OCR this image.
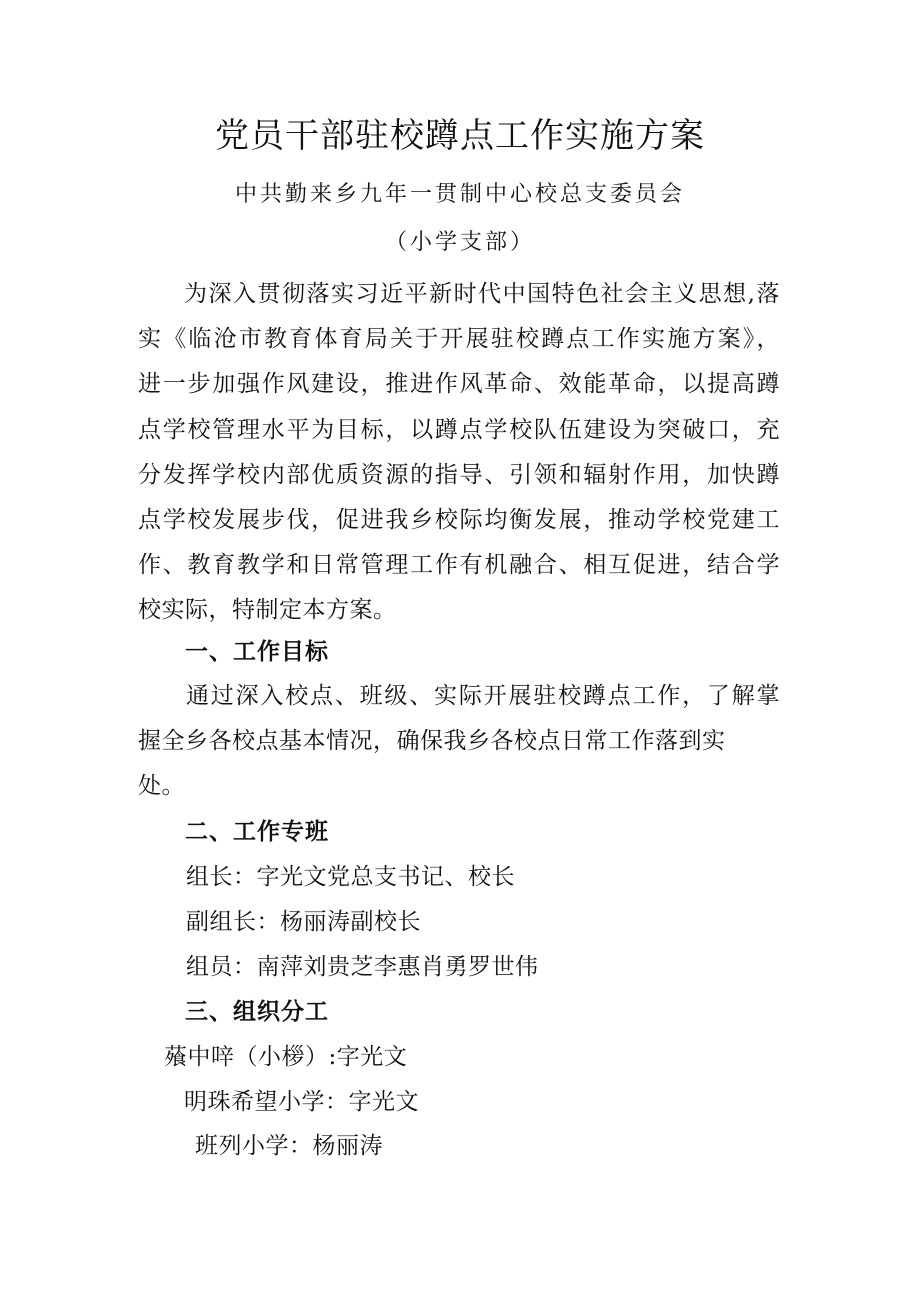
党员干部驻校蹲点工作实施方案
中共勤来乡九年一贯制中心校总支委员会
（小学支部）
为深入贯彻落实习近平新时代中国特色社会主义思想,落
实《临沧市教育体育局关于开展驻校蹲点工作实施方案》，
进一步加强作风建设，推进作风革命、效能革命，以提高蹲
点学校管理水平为目标，以蹲点学校队伍建设为突破口，充
分发挥学校内部优质资源的指导、引领和辐射作用，加快蹲
点学校发展步伐，促进我乡校际均衡发展，推动学校党建工
作、教育教学和日常管理工作有机融合、相互促进，结合学
校实际，特制定本方案。
一、工作目标
通过深入校点、班级、实际开展驻校蹲点工作，了解掌
握全乡各校点基本情况，确保我乡各校点日常工作落到实
处。
二、工作专班
组长：字光文党总支书记、校长
副组长：杨丽涛副校长
组员：南萍刘贵芝李惠肖勇罗世伟
三、组织分工
蕵中㖕（小㭮）:字光文
明珠希望小学：字光文
班列小学：杨丽涛
